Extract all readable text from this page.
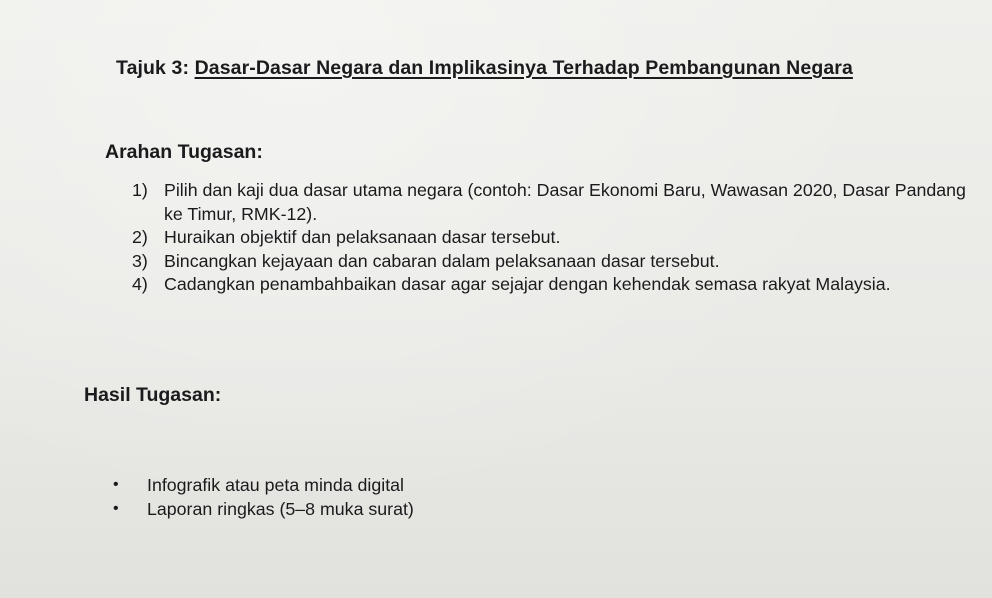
Tajuk 3: Dasar-Dasar Negara dan Implikasinya Terhadap Pembangunan Negara
Arahan Tugasan:
1) Pilih dan kaji dua dasar utama negara (contoh: Dasar Ekonomi Baru, Wawasan 2020, Dasar Pandang ke Timur, RMK-12).
2) Huraikan objektif dan pelaksanaan dasar tersebut.
3) Bincangkan kejayaan dan cabaran dalam pelaksanaan dasar tersebut.
4) Cadangkan penambahbaikan dasar agar sejajar dengan kehendak semasa rakyat Malaysia.
Hasil Tugasan:
•	Infografik atau peta minda digital
•	Laporan ringkas (5–8 muka surat)
